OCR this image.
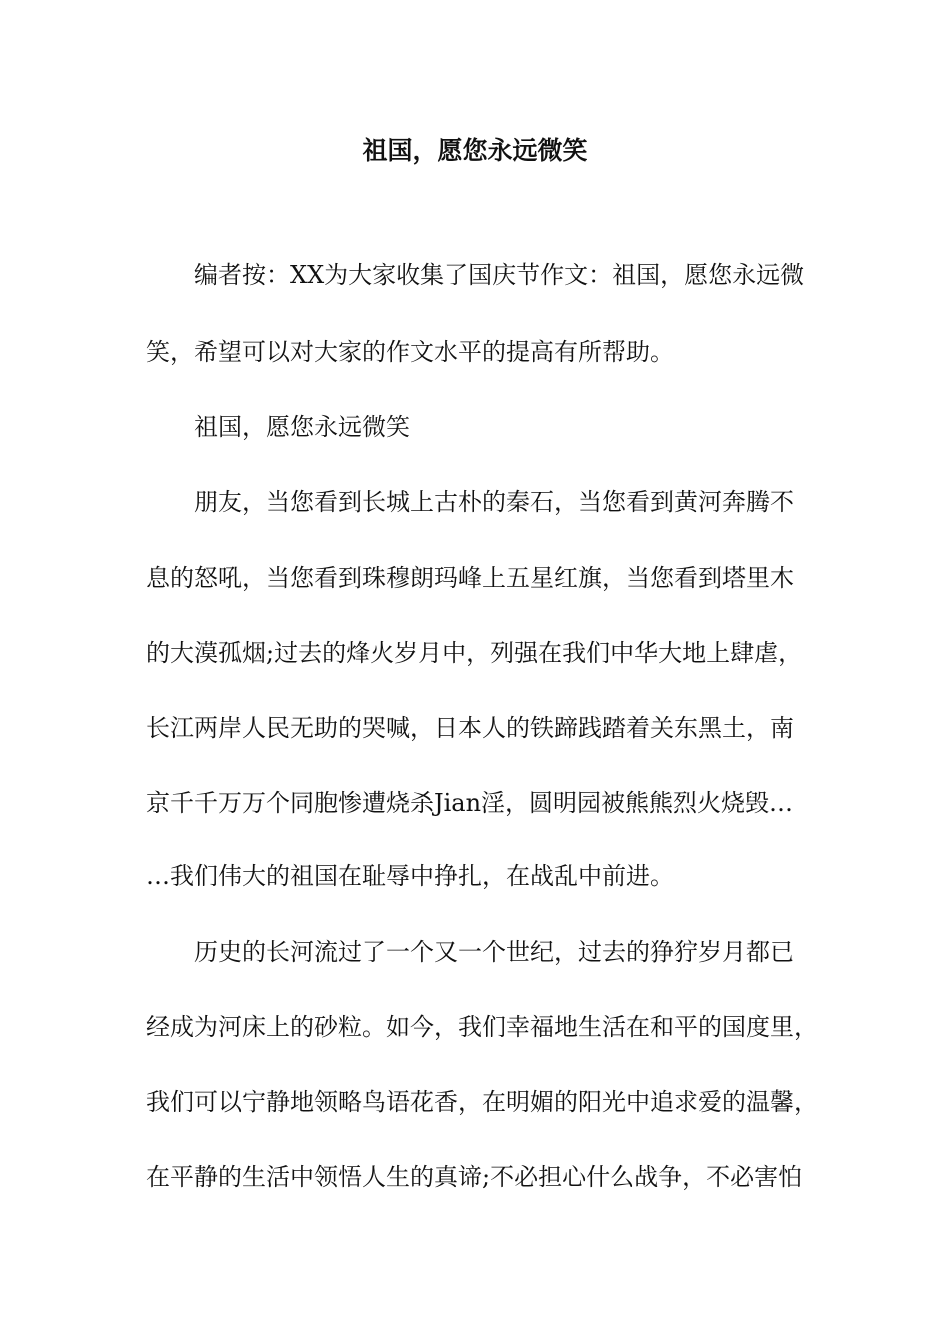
祖国，愿您永远微笑

编者按：XX为大家收集了国庆节作文：祖国，愿您永远微

笑，希望可以对大家的作文水平的提高有所帮助。

祖国，愿您永远微笑

朋友，当您看到长城上古朴的秦石，当您看到黄河奔腾不

息的怒吼，当您看到珠穆朗玛峰上五星红旗，当您看到塔里木

的大漠孤烟;过去的烽火岁月中，列强在我们中华大地上肆虐，

长江两岸人民无助的哭喊，日本人的铁蹄践踏着关东黑土，南

京千千万万个同胞惨遭烧杀Jian淫，圆明园被熊熊烈火烧毁…

…我们伟大的祖国在耻辱中挣扎，在战乱中前进。

历史的长河流过了一个又一个世纪，过去的狰狞岁月都已

经成为河床上的砂粒。如今，我们幸福地生活在和平的国度里，

我们可以宁静地领略鸟语花香，在明媚的阳光中追求爱的温馨，

在平静的生活中领悟人生的真谛;不必担心什么战争，不必害怕
